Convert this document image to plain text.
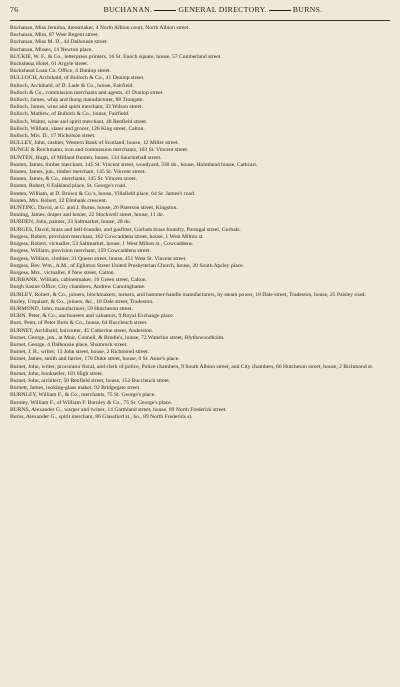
76	BUCHANAN.	GENERAL DIRECTORY.	BURNS.

Buchanan, Miss Jemima, dressmaker, 4 North Albion court, North Albion street.

Buchanan, Miss, 87 West Regent street.

Buchanan, Miss M. D., 44 Dalhousie street.

Buchanan, Misses, 14 Newton place.

BUCKIE, W. F., & Co., letterpress printers, 16 St. Enoch square, house, 57 Cumberland street.

Bucksheaд Hotel, 61 Argyle street.

Buckshead Loan Co. Office, 4 Dunlop street.

BULLOCH, Archibald, of Bulloch & Co., 41 Dunlop street.

Bulloch, Archibald, of D. Lade & Co., house, Fairfield.

Bulloch & Co., commission merchants and agents, 41 Dunlop street.

Bulloch, James, whip and thong manufacturer, 88 Trongate.

Bulloch, James, wine and spirit merchant, 33 Wilson street.

Bulloch, Mathew, of Bulloch & Co., house, Fairfield.

Bulloch, Walter, wine and spirit merchant, 48 Renfield street.

Bulloch, William, slater and grocer, 126 King street, Calton.

Bulloch, Mrs. D., 17 Nicholson street.

BULLEY, John, cashier, Western Bank of Scotland, house, 12 Miller street.

BUNGE & Reichmann, iron and commission merchants, 103 St. Vincent street.

BUNTEN, Hugh, of Milland Bunten, house, 134 Sauchiehall street.

Bunten, James, timber merchant, 145 St. Vincent street, woodyard, 330 do., house, Holmhead house, Cathcart.

Bunten, James, jun., timber merchant, 145 St. Vincent street.

Bunten, James, & Co., merchants, 145 St. Vincent street.

Bunten, Robert, 6 Falkland place, St. George's road.

Bunten, William, at D. Brown & Co.'s, house, Villafield place, 64 St. James's road.

Bunten, Mrs. Robert, 22 Elmbank crescent.

BUNTING, David, at G. and J. Burns, house, 26 Paterson street, Kingston.

Bunting, James, draper and hosier, 22 Stockwell street, house, 11 do.

BURDEN, John, painter, 33 Saltmarket, house, 28 do.

BURGES, David, brass and bell-founder, and gasfitter, Gorbals brass foundry, Portugal street, Gorbals.

Burgess, Robert, provision merchant, 162 Cowcaddens street, house, 1 West Milton st.

Burgess, Robert, victualler, 53 Saltmarket, house, 1 West Milton st., Cowcaddens.

Burgess, William, provision merchant, 159 Cowcaddens street.

Burgess, William, clothier, 31 Queen street, house, 451 West St. Vincent street.

Burgess, Rev. Wm., A.M., of Eglinton Street United Presbyterian Church, house, 20 South Apsley place.

Burgess, Mrs., victualler, 8 New street, Calton.

BURBANK, William, cabinetmaker, 10 Green street, Calton.

Burgh Sasine Office, City chambers, Andrew Cunninghame.

BURLEY, Robert, & Co., joiners, blockmakers, turners, and hammer-handle manufacturers, by steam power, 18 Dale street, Tradeston, house, 25 Paisley road.

Burley, Urquhart, & Co., joiners, &c., 18 Dale street, Tradeston.

BURMOND, John, manufacturer, 59 Hutcheson street.

BURN, Peter, & Co., auctioneers and valuators, 9 Royal Exchange place.

Burn, Peter, of Peter Burn & Co., house, 64 Buccleuch street.

BURNET, Archibald, haircutter, 45 Catherine street, Anderston.

Burnet, George, jun., at Muir, Connell, & Brodie's, house, 72 Waterloo street, Blythswoodholm.

Burnet, George, 4 Dalhousie place, Shamrock street.

Burnet, J. B., writer, 13 John street, house, 2 Richmond street.

Burnet, James, smith and farrier, 170 Duke street, house, 6 St. Anne's place.

Burnet, John, writer, procurator fiscal, and clerk of police, Police chambers, 9 South Albion street, and City chambers, 66 Hutcheson street, house, 2 Richmond st.

Burnet, John, bookseller, 181 High street.

Burnet, John, architect, 50 Renfield street, house, 152 Buccleuch street.

Burnett, James, looking-glass maker, 92 Bridgegate street.

BURNLEY, William F., & Co., merchants, 75 St. George's place.

Burnley, William F., of William F. Burnley & Co., 75 St. George's place.

BURNS, Alexander G., warper and twiner, 14 Garthland street, house, 89 North Frederick street.

Burns, Alexander G., spirit merchant, 86 Glassford st., ho., 89 North Frederick st.
